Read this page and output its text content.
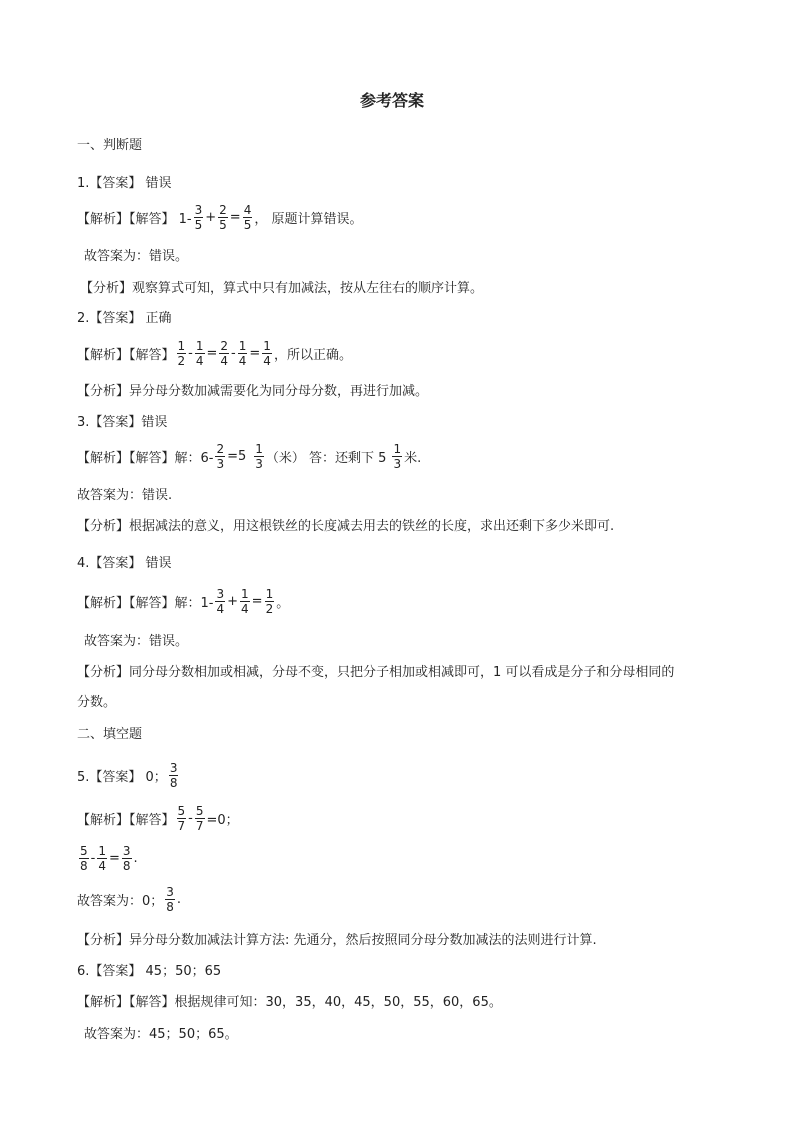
参考答案
一、判断题
1.【答案】 错误
【解析】【解答】 $1- \frac{3}{5} + \frac{2}{5} = \frac{4}{5}$ ， 原题计算错误。
故答案为：错误。
【分析】观察算式可知，算式中只有加减法，按从左往右的顺序计算。
2.【答案】 正确
【解析】【解答】 $\frac{1}{2} - \frac{1}{4} = \frac{2}{4} - \frac{1}{4} = \frac{1}{4}$ ，所以正确。
【分析】异分母分数加减需要化为同分母分数，再进行加减。
3.【答案】错误
【解析】【解答】解：$6- \frac{2}{3} =5 \frac{1}{3}$ （米） 答：还剩下 $5 \frac{1}{3}$ 米.
故答案为：错误.
【分析】根据减法的意义，用这根铁丝的长度减去用去的铁丝的长度，求出还剩下多少米即可.
4.【答案】 错误
【解析】【解答】解：$1- \frac{3}{4} + \frac{1}{4} = \frac{1}{2}$ 。
故答案为：错误。
【分析】同分母分数相加或相减，分母不变，只把分子相加或相减即可，1 可以看成是分子和分母相同的
分数。
二、填空题
5.【答案】 0； $\frac{3}{8}$
【解析】【解答】 $\frac{5}{7} - \frac{5}{7} =0$；
$\frac{5}{8} - \frac{1}{4} = \frac{3}{8}$ .
故答案为：0； $\frac{3}{8}$ .
【分析】异分母分数加减法计算方法: 先通分，然后按照同分母分数加减法的法则进行计算.
6.【答案】 45；50；65
【解析】【解答】根据规律可知：30，35，40，45，50，55，60，65。
故答案为：45；50；65。
